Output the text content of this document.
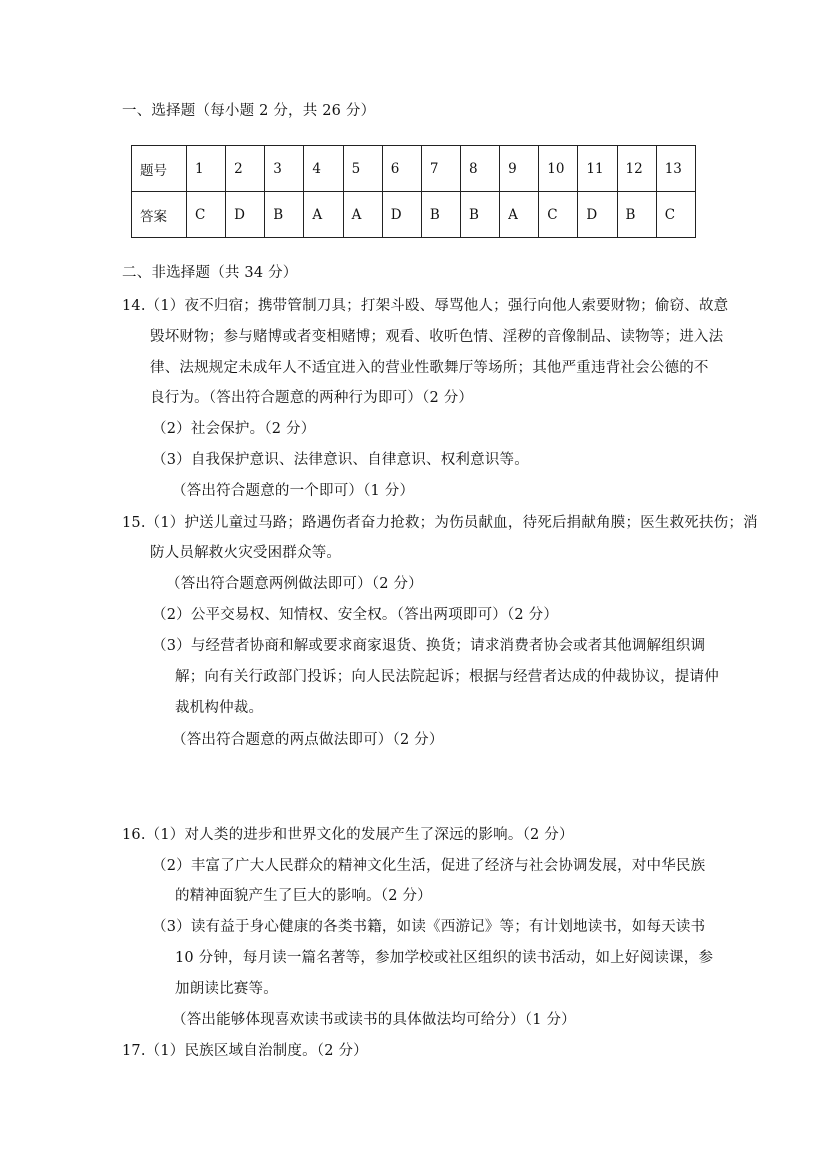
一、选择题（每小题 2 分，共 26 分）
题号	1	2	3	4	5	6	7	8	9	10	11	12	13
答案	C	D	B	A	A	D	B	B	A	C	D	B	C
二、非选择题（共 34 分）
14.（1）夜不归宿；携带管制刀具；打架斗殴、辱骂他人；强行向他人索要财物；偷窃、故意
毁坏财物；参与赌博或者变相赌博；观看、收听色情、淫秽的音像制品、读物等；进入法
律、法规规定未成年人不适宜进入的营业性歌舞厅等场所；其他严重违背社会公德的不
良行为。（答出符合题意的两种行为即可）（2 分）
（2）社会保护。（2 分）
（3）自我保护意识、法律意识、自律意识、权利意识等。
（答出符合题意的一个即可）（1 分）
15.（1）护送儿童过马路；路遇伤者奋力抢救；为伤员献血，待死后捐献角膜；医生救死扶伤；消
防人员解救火灾受困群众等。
（答出符合题意两例做法即可）（2 分）
（2）公平交易权、知情权、安全权。（答出两项即可）（2 分）
（3）与经营者协商和解或要求商家退货、换货；请求消费者协会或者其他调解组织调
解；向有关行政部门投诉；向人民法院起诉；根据与经营者达成的仲裁协议，提请仲
裁机构仲裁。
（答出符合题意的两点做法即可）（2 分）
16.（1）对人类的进步和世界文化的发展产生了深远的影响。（2 分）
（2）丰富了广大人民群众的精神文化生活，促进了经济与社会协调发展，对中华民族
的精神面貌产生了巨大的影响。（2 分）
（3）读有益于身心健康的各类书籍，如读《西游记》等；有计划地读书，如每天读书
10 分钟，每月读一篇名著等，参加学校或社区组织的读书活动，如上好阅读课，参
加朗读比赛等。
（答出能够体现喜欢读书或读书的具体做法均可给分）（1 分）
17.（1）民族区域自治制度。（2 分）
